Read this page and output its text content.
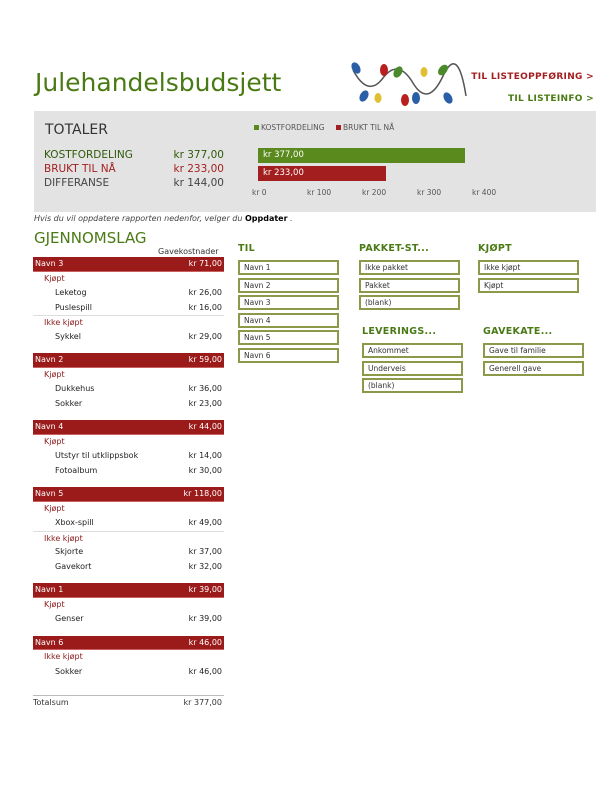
Julehandelsbudsjett	TIL LISTEOPPFØRING >
TIL LISTEINFO >
TOTALER
KOSTFORDELING	kr 377,00
BRUKT TIL NÅ	kr 233,00
DIFFERANSE	kr 144,00
KOSTFORDELING	BRUKT TIL NÅ
kr 377,00
kr 233,00
kr 0	kr 100	kr 200	kr 300	kr 400
Hvis du vil oppdatere rapporten nedenfor, velger du Oppdater .
GJENNOMSLAG
Gavekostnader
Navn 3	kr 71,00
Kjøpt
Leketog	kr 26,00
Puslespill	kr 16,00
Ikke kjøpt
Sykkel	kr 29,00
Navn 2	kr 59,00
Kjøpt
Dukkehus	kr 36,00
Sokker	kr 23,00
Navn 4	kr 44,00
Kjøpt
Utstyr til utklippsbok	kr 14,00
Fotoalbum	kr 30,00
Navn 5	kr 118,00
Kjøpt
Xbox-spill	kr 49,00
Ikke kjøpt
Skjorte	kr 37,00
Gavekort	kr 32,00
Navn 1	kr 39,00
Kjøpt
Genser	kr 39,00
Navn 6	kr 46,00
Ikke kjøpt
Sokker	kr 46,00
Totalsum	kr 377,00
TIL
Navn 1
Navn 2
Navn 3
Navn 4
Navn 5
Navn 6
PAKKET-ST...
Ikke pakket
Pakket
(blank)
KJØPT
Ikke kjøpt
Kjøpt
LEVERINGS...
Ankommet
Underveis
(blank)
GAVEKATE...
Gave til familie
Generell gave
